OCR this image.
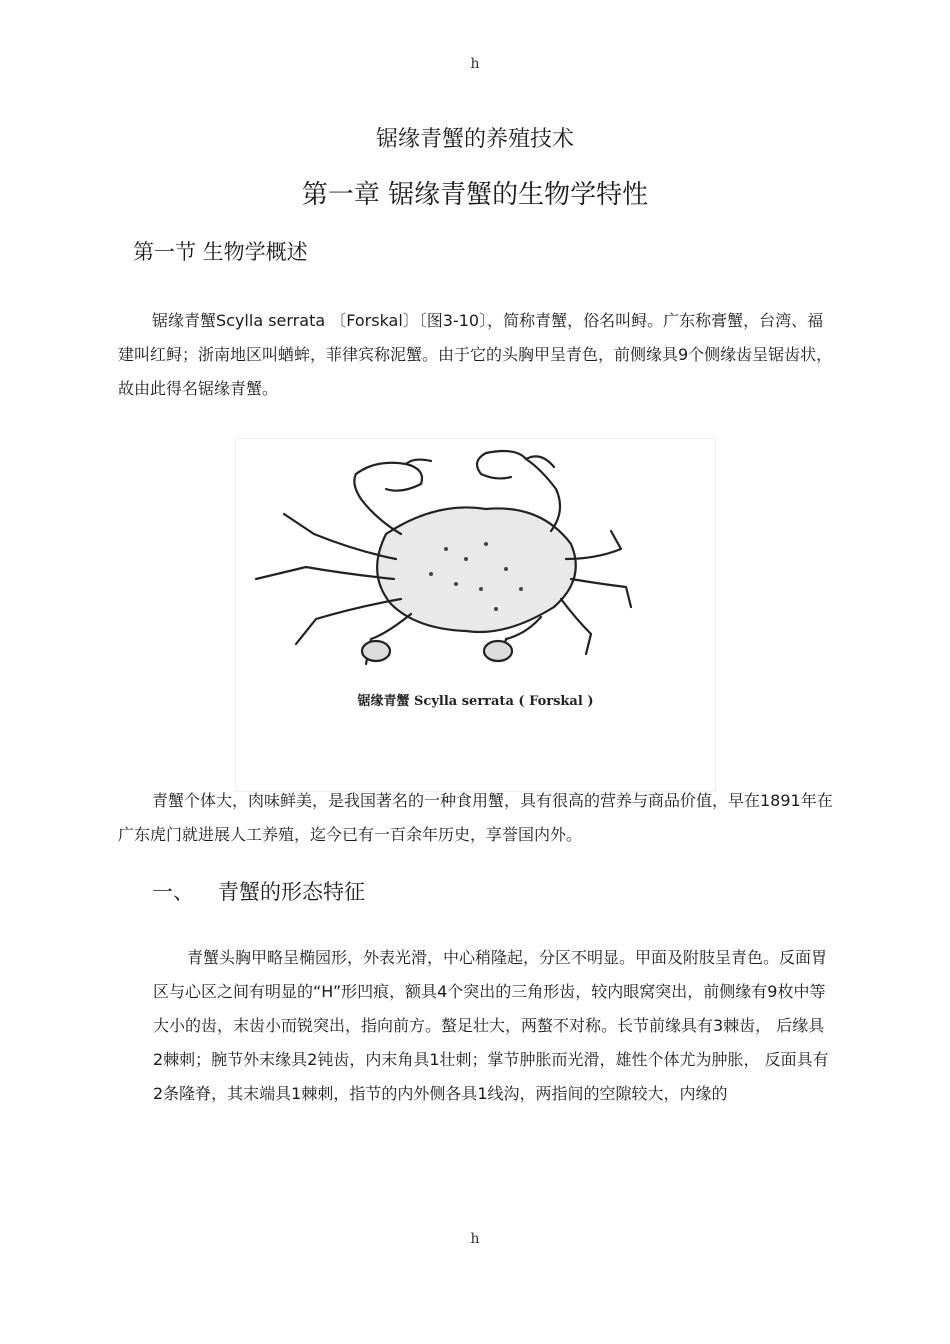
h
锯缘青蟹的养殖技术
第一章 锯缘青蟹的生物学特性
第一节 生物学概述

锯缘青蟹Scylla serrata 〔Forskal〕〔图3-10〕，简称青蟹，俗名叫鲟。广东称膏蟹，台湾、福建叫红鲟；浙南地区叫蝤蛑，菲律宾称泥蟹。由于它的头胸甲呈青色，前侧缘具9个侧缘齿呈锯齿状，故由此得名锯缘青蟹。

锯缘青蟹 Scylla serrata ( Forskal )

青蟹个体大，肉味鲜美，是我国著名的一种食用蟹，具有很高的营养与商品价值，早在1891年在广东虎门就进展人工养殖，迄今已有一百余年历史，享誉国内外。

一、 青蟹的形态特征

青蟹头胸甲略呈椭园形，外表光滑，中心稍隆起，分区不明显。甲面及附肢呈青色。反面胃区与心区之间有明显的“H”形凹痕，额具4个突出的三角形齿，较内眼窝突出，前侧缘有9枚中等大小的齿，末齿小而锐突出，指向前方。螯足壮大，两螯不对称。长节前缘具有3棘齿， 后缘具2棘刺；腕节外末缘具2钝齿，内末角具1壮刺；掌节肿胀而光滑，雄性个体尤为肿胀， 反面具有2条隆脊，其末端具1棘刺，指节的内外侧各具1线沟，两指间的空隙较大，内缘的

h
